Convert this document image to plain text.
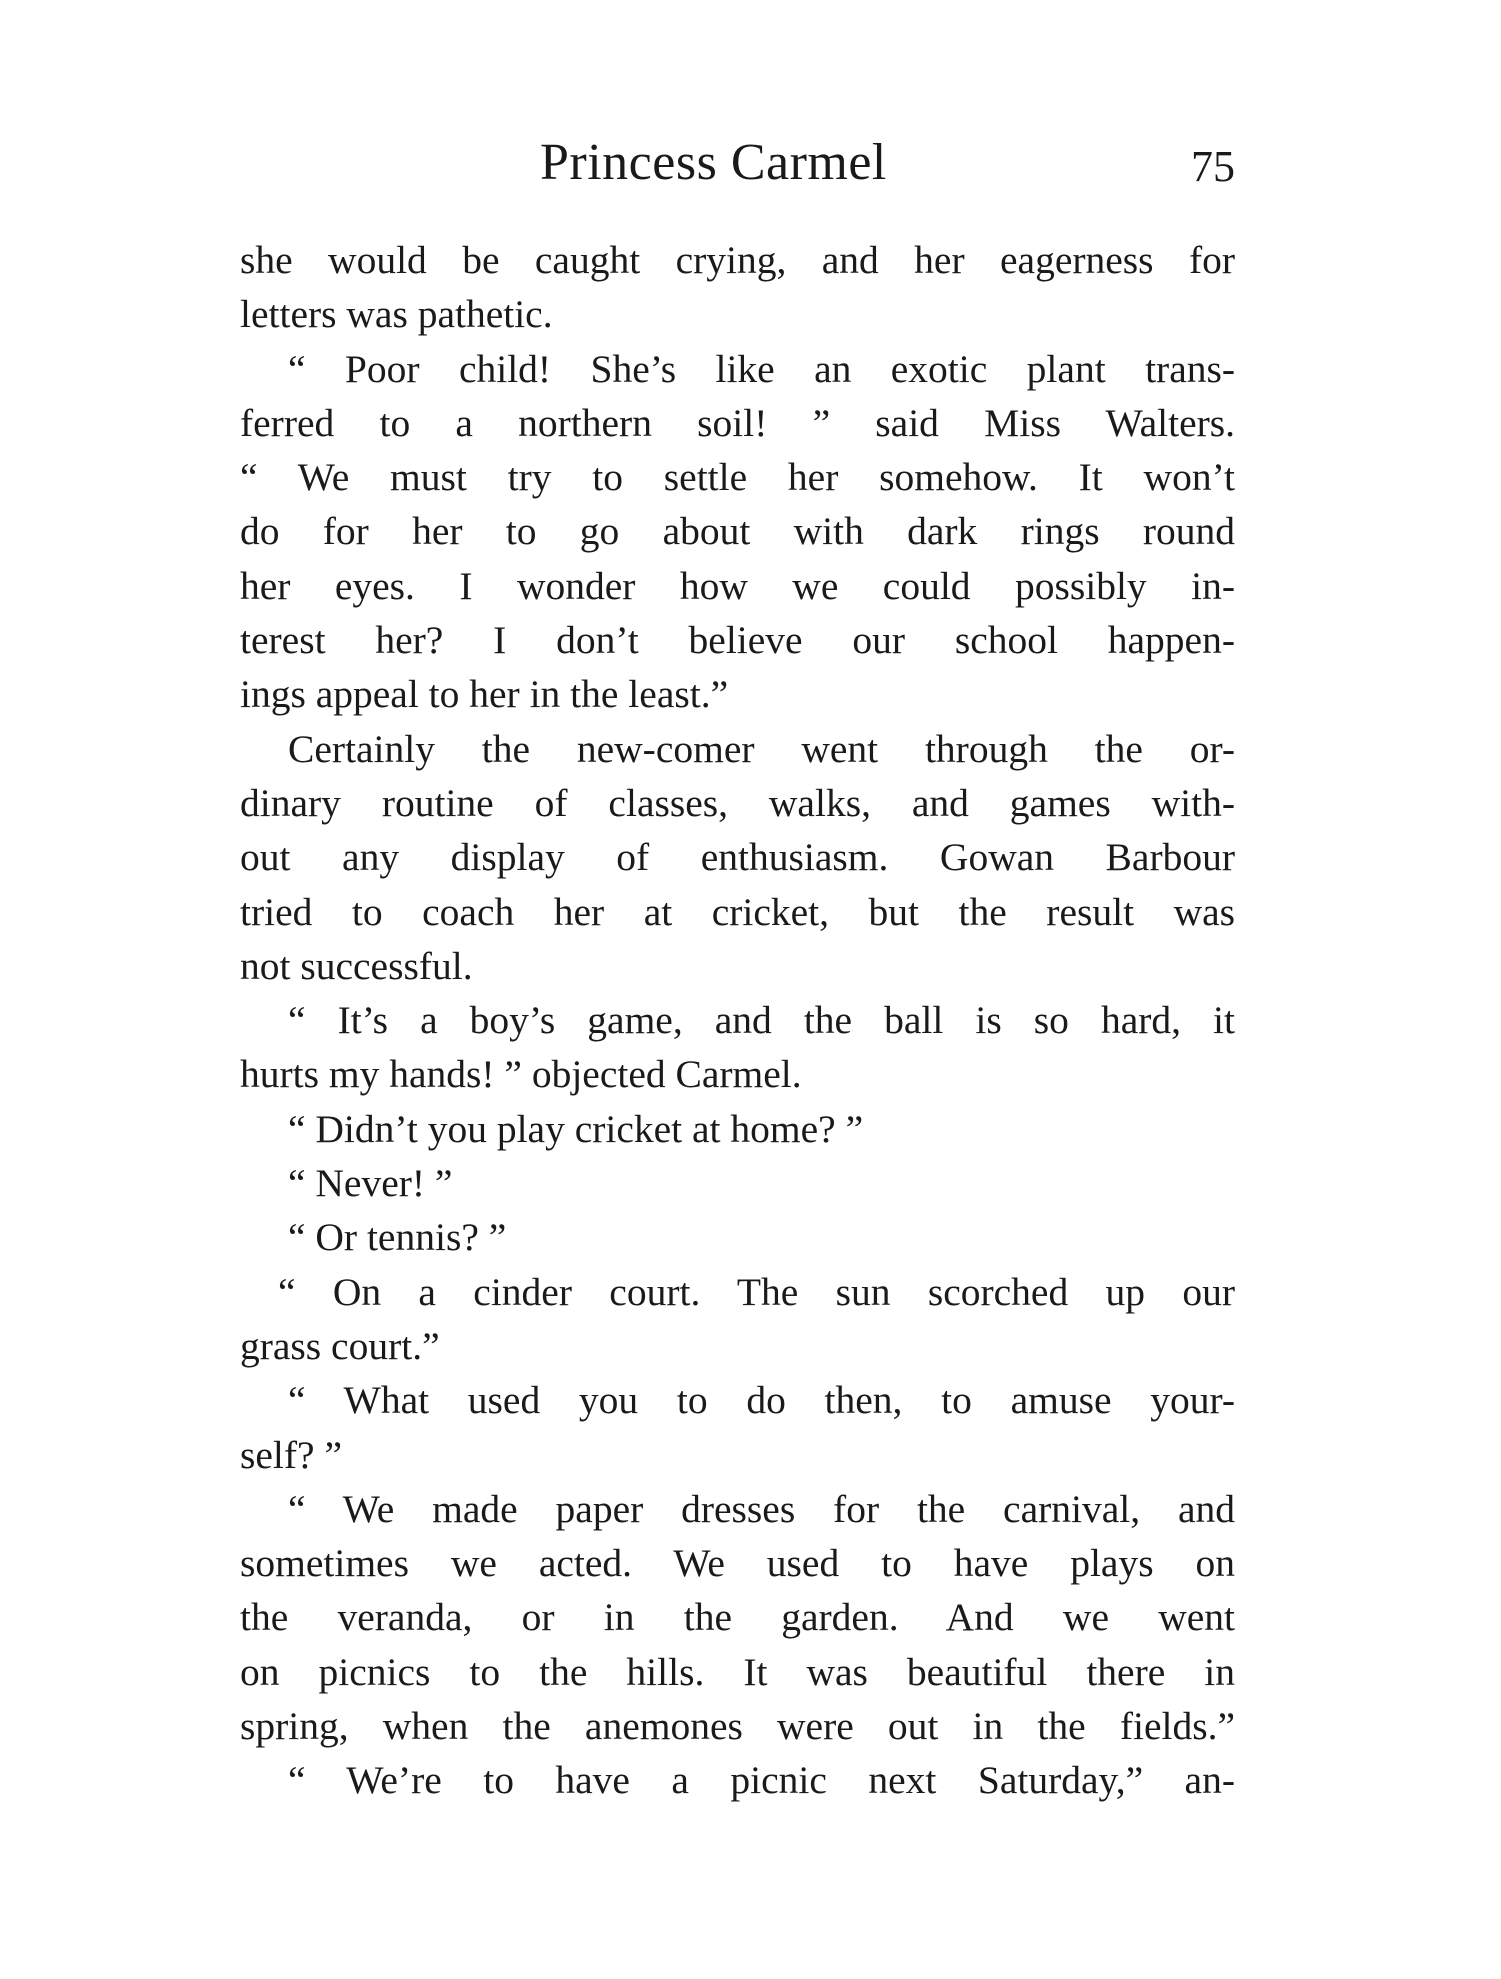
Princess Carmel	75
she would be caught crying, and her eagerness for
letters was pathetic.
“ Poor child! She’s like an exotic plant trans-
ferred to a northern soil! ” said Miss Walters.
“ We must try to settle her somehow. It won’t
do for her to go about with dark rings round
her eyes. I wonder how we could possibly in-
terest her? I don’t believe our school happen-
ings appeal to her in the least.”
Certainly the new-comer went through the or-
dinary routine of classes, walks, and games with-
out any display of enthusiasm. Gowan Barbour
tried to coach her at cricket, but the result was
not successful.
“ It’s a boy’s game, and the ball is so hard, it
hurts my hands! ” objected Carmel.
“ Didn’t you play cricket at home? ”
“ Never! ”
“ Or tennis? ”
“ On a cinder court. The sun scorched up our
grass court.”
“ What used you to do then, to amuse your-
self? ”
“ We made paper dresses for the carnival, and
sometimes we acted. We used to have plays on
the veranda, or in the garden. And we went
on picnics to the hills. It was beautiful there in
spring, when the anemones were out in the fields.”
“ We’re to have a picnic next Saturday,” an-
